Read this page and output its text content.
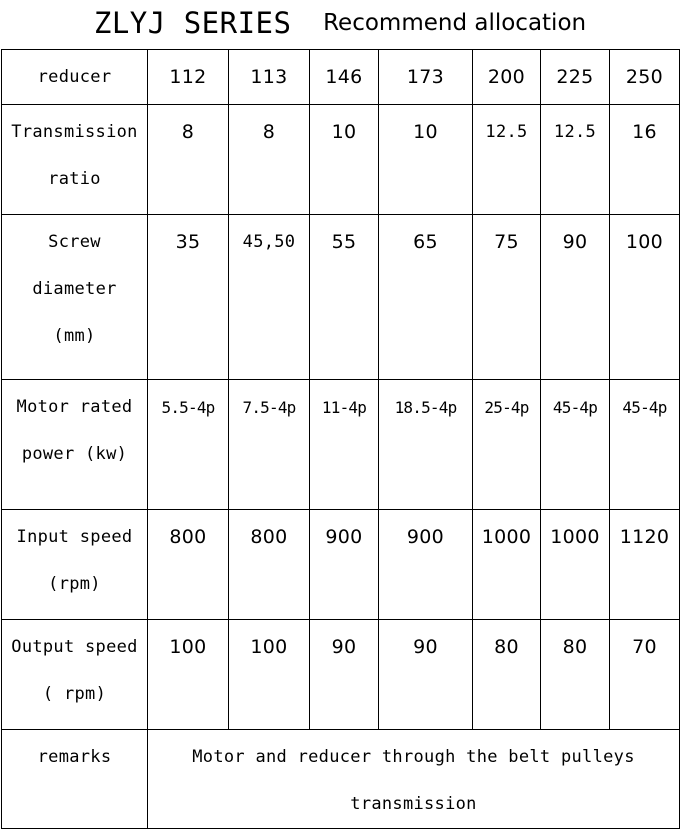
ZLYJ SERIES Recommend allocation
reducer	112	113	146	173	200	225	250

Transmission
ratio	8	8	10	10	12.5	12.5	16

Screw
diameter
(mm)	35	45,50	55	65	75	90	100

Motor rated
power (kw)	5.5-4p	7.5-4p	11-4p	18.5-4p	25-4p	45-4p	45-4p

Input speed
(rpm)	800	800	900	900	1000	1000	1120

Output speed
( rpm)	100	100	90	90	80	80	70
remarks	Motor and reducer through the belt pulleys
transmission						
